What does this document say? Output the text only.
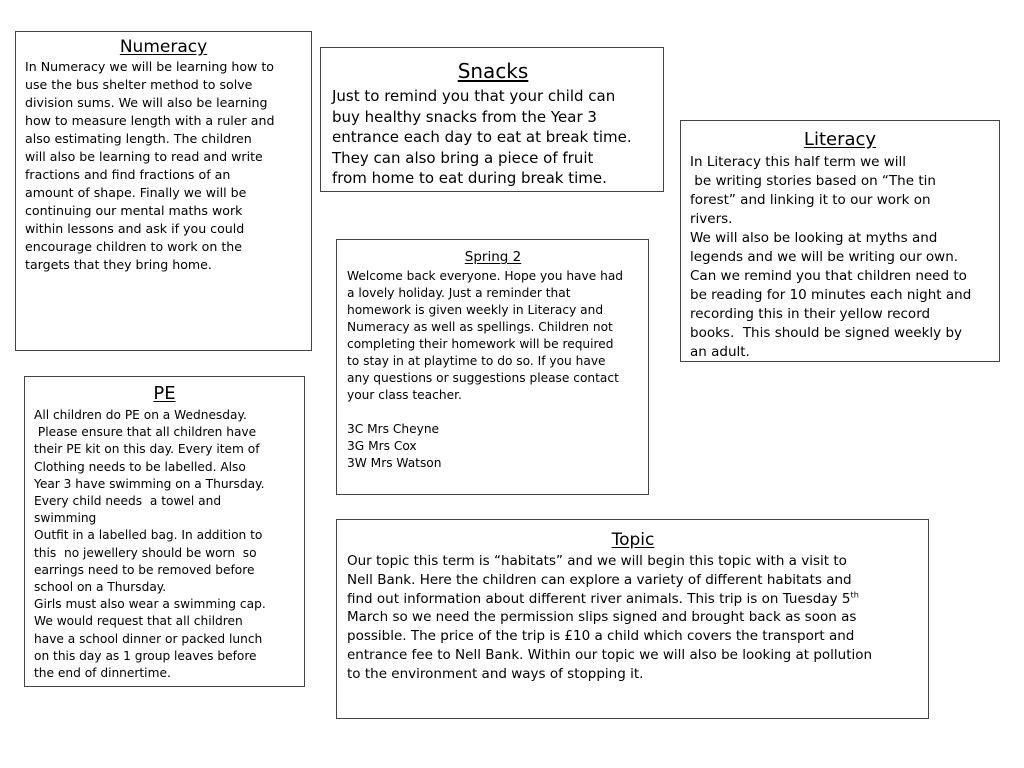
Numeracy
In Numeracy we will be learning how to
use the bus shelter method to solve
division sums. We will also be learning
how to measure length with a ruler and
also estimating length. The children
will also be learning to read and write
fractions and find fractions of an
amount of shape. Finally we will be
continuing our mental maths work
within lessons and ask if you could
encourage children to work on the
targets that they bring home.
Snacks
Just to remind you that your child can
buy healthy snacks from the Year 3
entrance each day to eat at break time.
They can also bring a piece of fruit
from home to eat during break time.
Literacy
In Literacy this half term we will
be writing stories based on “The tin
forest” and linking it to our work on
rivers.
We will also be looking at myths and
legends and we will be writing our own.
Can we remind you that children need to
be reading for 10 minutes each night and
recording this in their yellow record
books.  This should be signed weekly by
an adult.
Spring 2
Welcome back everyone. Hope you have had
a lovely holiday. Just a reminder that
homework is given weekly in Literacy and
Numeracy as well as spellings. Children not
completing their homework will be required
to stay in at playtime to do so. If you have
any questions or suggestions please contact
your class teacher.

3C Mrs Cheyne
3G Mrs Cox
3W Mrs Watson
PE
All children do PE on a Wednesday.
Please ensure that all children have
their PE kit on this day. Every item of
Clothing needs to be labelled. Also
Year 3 have swimming on a Thursday.
Every child needs  a towel and
swimming
Outfit in a labelled bag. In addition to
this  no jewellery should be worn  so
earrings need to be removed before
school on a Thursday.
Girls must also wear a swimming cap.
We would request that all children
have a school dinner or packed lunch
on this day as 1 group leaves before
the end of dinnertime.
Topic
Our topic this term is “habitats” and we will begin this topic with a visit to
Nell Bank. Here the children can explore a variety of different habitats and
find out information about different river animals. This trip is on Tuesday 5th
March so we need the permission slips signed and brought back as soon as
possible. The price of the trip is £10 a child which covers the transport and
entrance fee to Nell Bank. Within our topic we will also be looking at pollution
to the environment and ways of stopping it.
